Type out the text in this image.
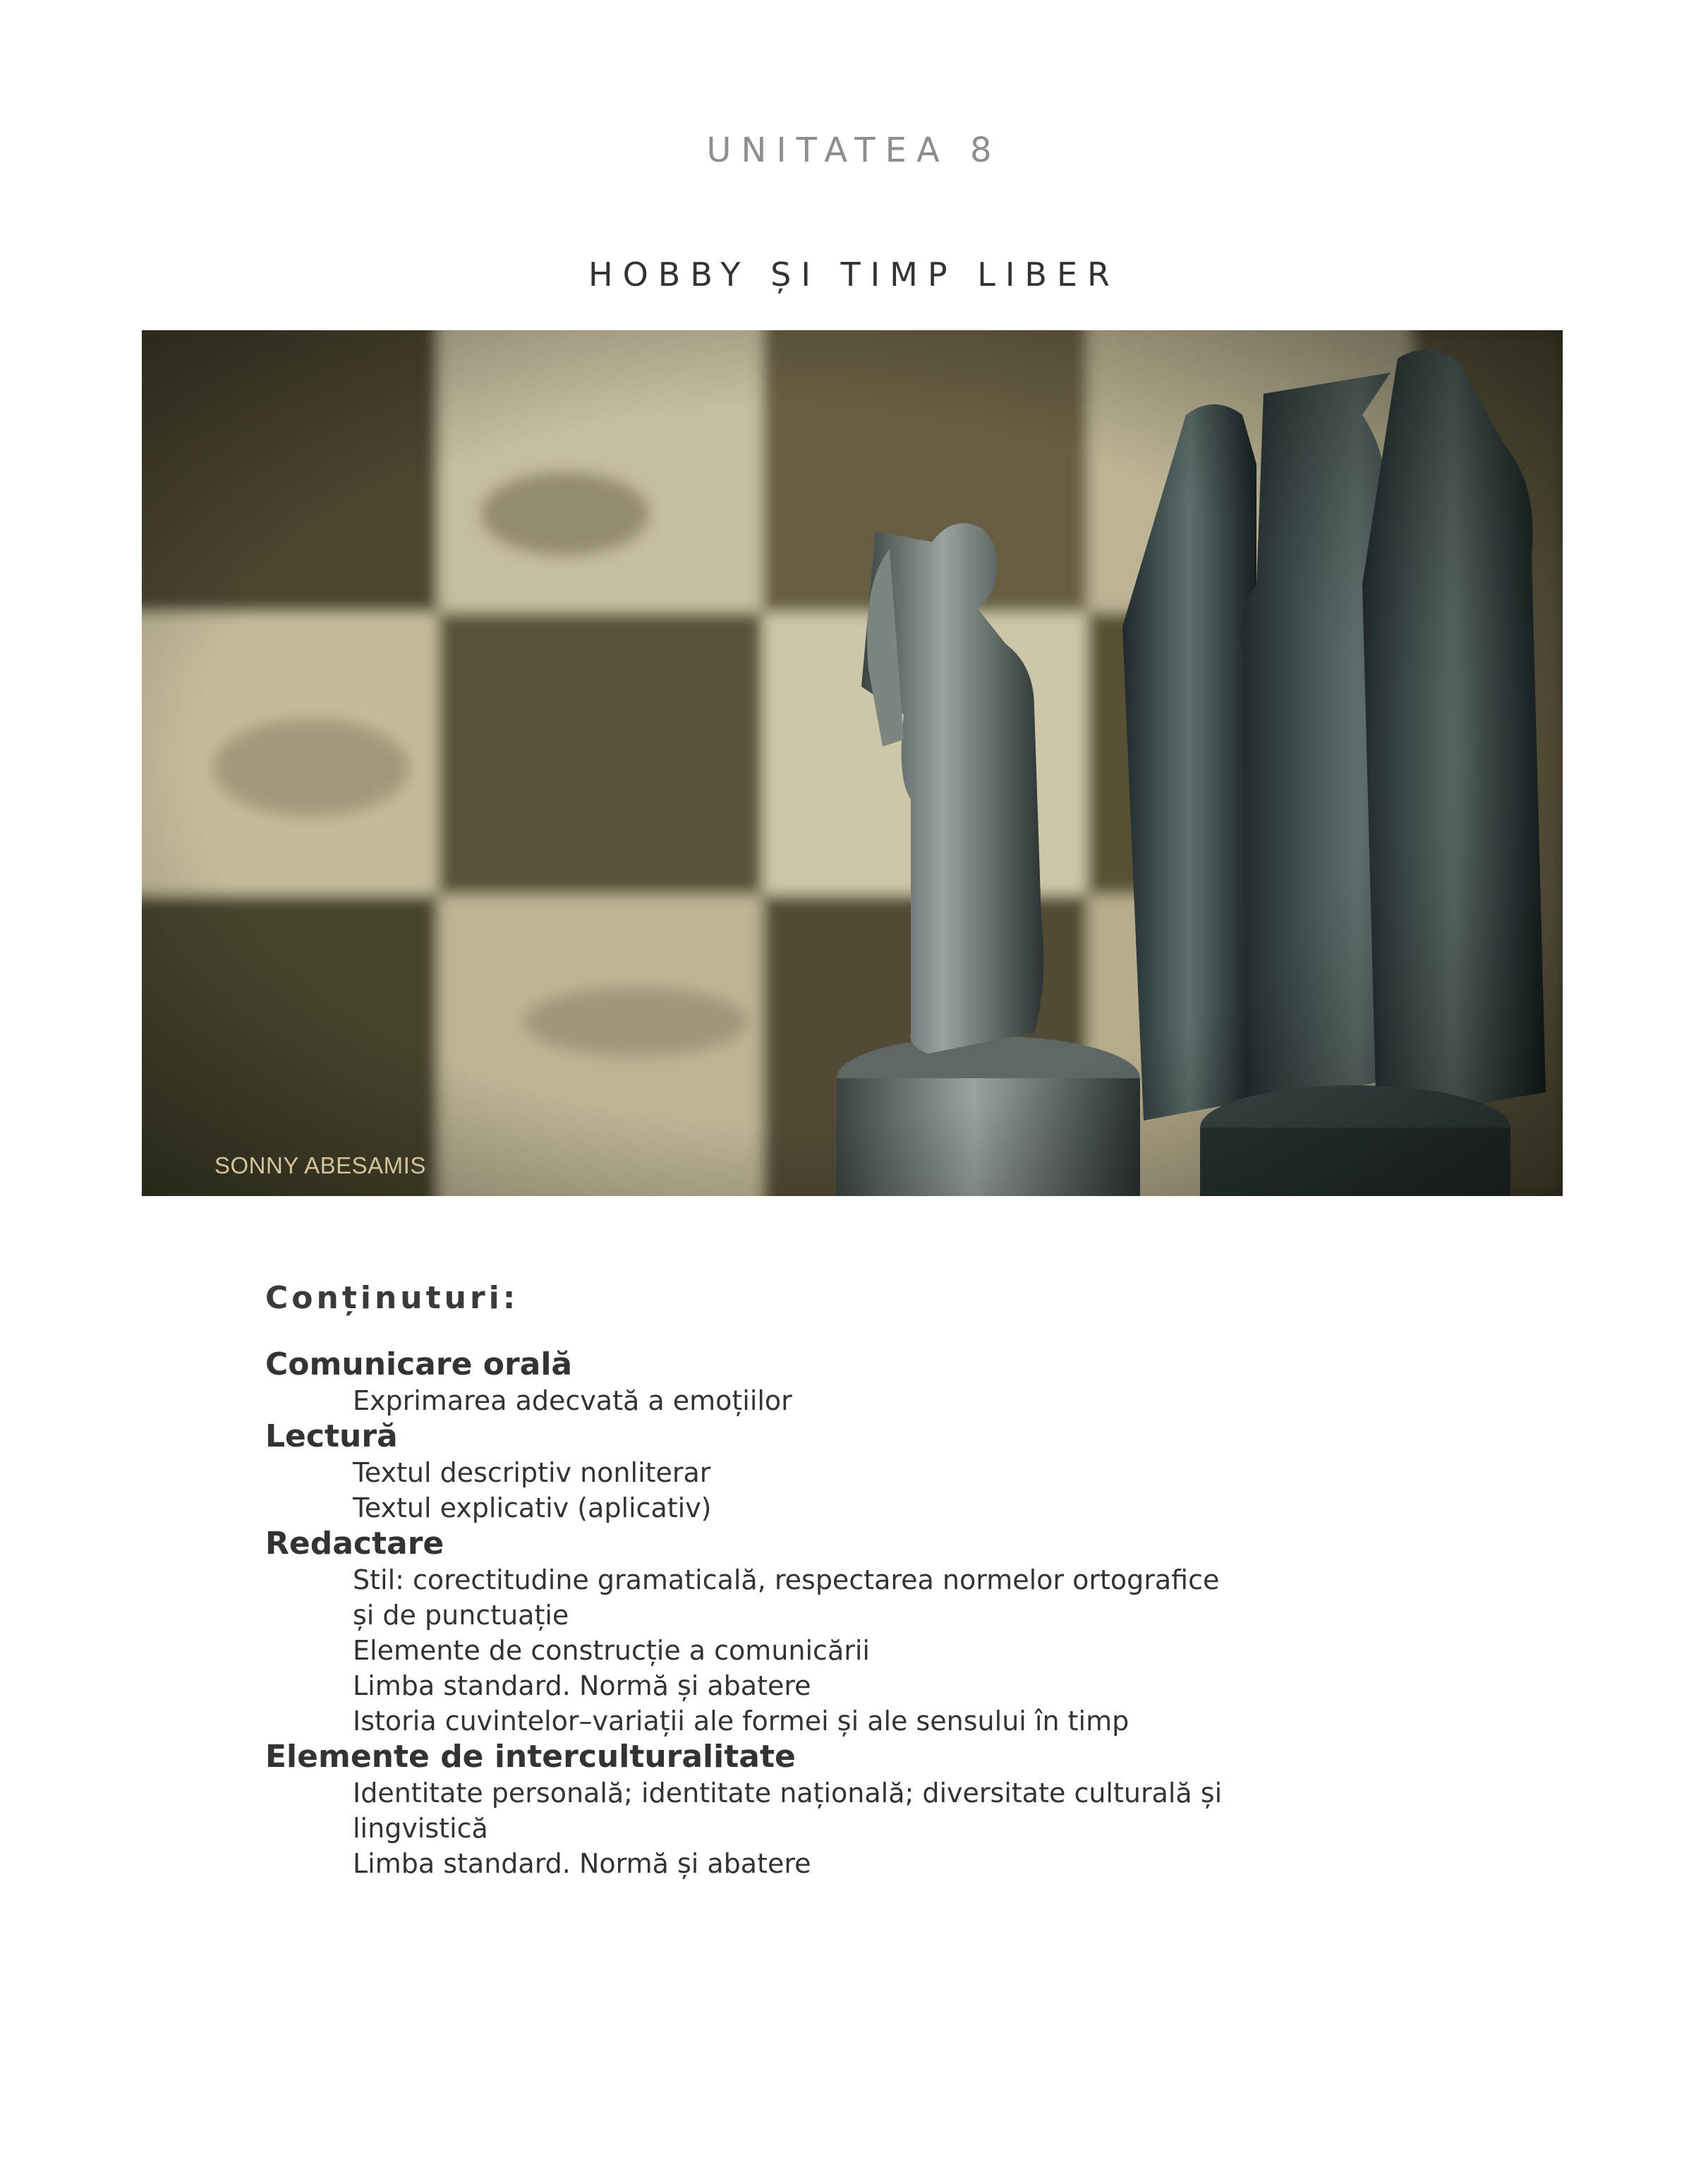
UNITATEA 8
HOBBY ȘI TIMP LIBER
SONNY ABESAMIS
Conținuturi:
Comunicare orală
Exprimarea adecvată a emoțiilor
Lectură
Textul descriptiv nonliterar
Textul explicativ (aplicativ)
Redactare
Stil: corectitudine gramaticală, respectarea normelor ortografice
și de punctuație
Elemente de construcție a comunicării
Limba standard. Normă și abatere
Istoria cuvintelor–variații ale formei și ale sensului în timp
Elemente de interculturalitate
Identitate personală; identitate națională; diversitate culturală și
lingvistică
Limba standard. Normă și abatere
